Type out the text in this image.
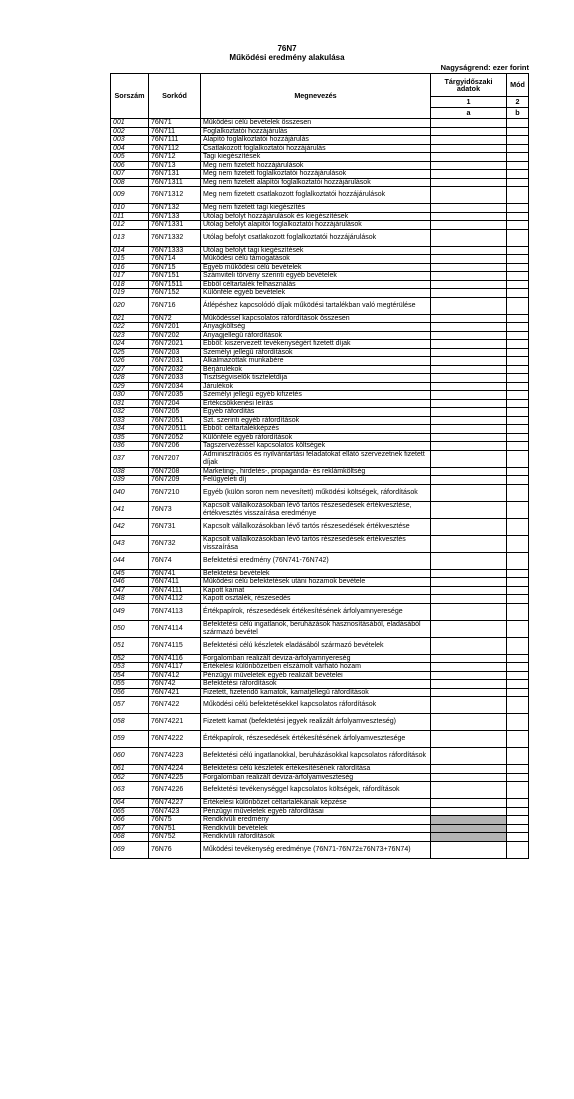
76N7
Működési eredmény alakulása
Nagyságrend: ezer forint
Sorszám	Sorkód	Megnevezés	Tárgyidőszaki adatok	Mód
			1	2
			a	b
001	76N71	Működési célú bevételek összesen		
002	76N711	Foglalkoztatói hozzájárulás		
003	76N7111	Alapító foglalkoztatói hozzájárulás		
004	76N7112	Csatlakozott foglalkoztatói hozzájárulás		
005	76N712	Tagi kiegészítések		
006	76N713	Meg nem fizetett hozzájárulások		
007	76N7131	Meg nem fizetett foglalkoztatói hozzájárulások		
008	76N71311	Meg nem fizetett alapítói foglalkoztatói hozzájárulások		
009	76N71312	Meg nem fizetett csatlakozott foglalkoztatói hozzájárulások		
010	76N7132	Meg nem fizetett tagi kiegészítés		
011	76N7133	Utólag befolyt hozzájárulások és kiegészítések		
012	76N71331	Utólag befolyt alapítói foglalkoztatói hozzájárulások		
013	76N71332	Utólag befolyt csatlakozott foglalkoztatói hozzájárulások		
014	76N71333	Utólag befolyt tagi kiegészítések		
015	76N714	Működési célú támogatások		
016	76N715	Egyéb működési célú bevételek		
017	76N7151	Számviteli törvény szerinti egyéb bevételek		
018	76N71511	Ebből céltartalék felhasználás		
019	76N7152	Különféle egyéb bevételek		
020	76N716	Átlépéshez kapcsolódó díjak működési tartalékban való megtérülése		
021	76N72	Működéssel kapcsolatos ráfordítások összesen		
022	76N7201	Anyagköltség		
023	76N7202	Anyagjellegű ráfordítások		
024	76N72021	Ebből: kiszervezett tevékenységért fizetett díjak		
025	76N7203	Személyi jellegű ráfordítások		
026	76N72031	Alkalmazottak munkabére		
027	76N72032	Bérjárulékok		
028	76N72033	Tisztségviselők tiszteletdíja		
029	76N72034	Járulékok		
030	76N72035	Személyi jellegű egyéb kifizetés		
031	76N7204	Értékcsökkenési leírás		
032	76N7205	Egyéb ráfordítás		
033	76N72051	Szt. szerinti egyéb ráfordítások		
034	76N720511	Ebből: céltartalékképzés		
035	76N72052	Különféle egyéb ráfordítások		
036	76N7206	Tagszervezéssel kapcsolatos költségek		
037	76N7207	Adminisztrációs és nyilvántartási feladatokat ellátó szervezetnek fizetett díjak		
038	76N7208	Marketing-, hirdetés-, propaganda- és reklámköltség		
039	76N7209	Felügyeleti díj		
040	76N7210	Egyéb (külön soron nem nevesített) működési költségek, ráfordítások		
041	76N73	Kapcsolt vállalkozásokban lévő tartós részesedések értékvesztése, értékvesztés visszaírása eredménye		
042	76N731	Kapcsolt vállalkozásokban lévő tartós részesedések értékvesztése		
043	76N732	Kapcsolt vállalkozásokban lévő tartós részesedések értékvesztés visszaírása		
044	76N74	Befektetési eredmény (76N741-76N742)		
045	76N741	Befektetési bevételek		
046	76N7411	Működési célú befektetések utáni hozamok bevétele		
047	76N74111	Kapott kamat		
048	76N74112	Kapott osztalék, részesedés		
049	76N74113	Értékpapírok, részesedések értékesítésének árfolyamnyeresége		
050	76N74114	Befektetési célú ingatlanok, beruházások hasznosításából, eladásából származó bevétel		
051	76N74115	Befektetési célú készletek eladásából származó bevételek		
052	76N74116	Forgalomban realizált deviza-árfolyamnyereség		
053	76N74117	Értékelési különbözetben elszámolt várható hozam		
054	76N7412	Pénzügyi műveletek egyéb realizált bevételei		
055	76N742	Befektetési ráfordítások		
056	76N7421	Fizetett, fizetendő kamatok, kamatjellegű ráfordítások		
057	76N7422	Működési célú befektetésekkel kapcsolatos ráfordítások		
058	76N74221	Fizetett kamat (befektetési jegyek realizált árfolyamveszteség)		
059	76N74222	Értékpapírok, részesedések értékesítésének árfolyamvesztesége		
060	76N74223	Befektetési célú ingatlanokkal, beruházásokkal kapcsolatos ráfordítások		
061	76N74224	Befektetési célú készletek értékesítésének ráfordítása		
062	76N74225	Forgalomban realizált deviza-árfolyamveszteség		
063	76N74226	Befektetési tevékenységgel kapcsolatos költségek, ráfordítások		
064	76N74227	Értékelési különbözet céltartalékának képzése		
065	76N7423	Pénzügyi műveletek egyéb ráfordításai		
066	76N75	Rendkívüli eredmény		
067	76N751	Rendkívüli bevételek		
068	76N752	Rendkívüli ráfordítások		
069	76N76	Működési tevékenység eredménye (76N71-76N72±76N73+76N74)		
